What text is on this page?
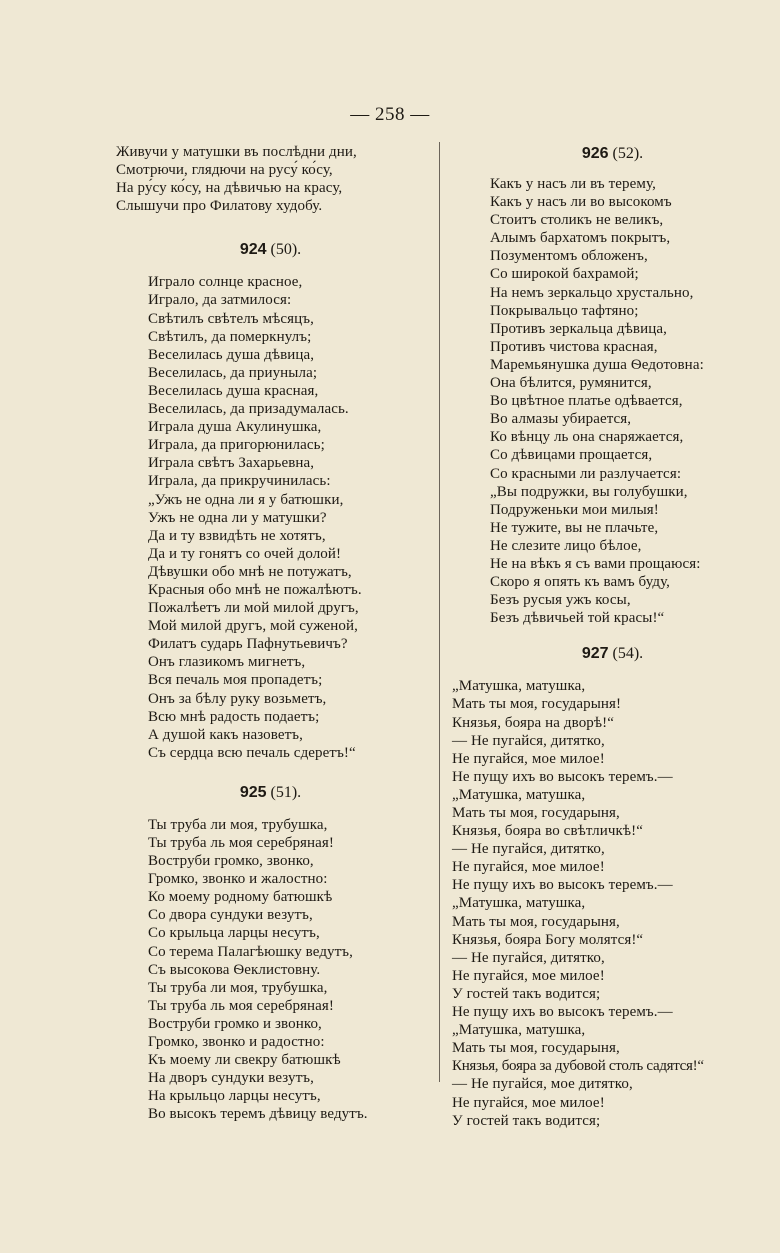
— 258 —
Живучи у матушки въ послѣдни дни,
Смотрючи, глядючи на русу́ ко́су,
На ру́су ко́су, на дѣвичью на красу,
Слышучи про Филатову худобу.
924 (50).
Играло солнце красное,
Играло, да затмилося:
Свѣтилъ свѣтелъ мѣсяцъ,
Свѣтилъ, да померкнулъ;
Веселилась душа дѣвица,
Веселилась, да приуныла;
Веселилась душа красная,
Веселилась, да призадумалась.
Играла душа Акулинушка,
Играла, да пригорюнилась;
Играла свѣтъ Захарьевна,
Играла, да прикручинилась:
„Ужъ не одна ли я у батюшки,
Ужъ не одна ли у матушки?
Да и ту взвидѣть не хотятъ,
Да и ту гонятъ со очей долой!
Дѣвушки обо мнѣ не потужатъ,
Красныя обо мнѣ не пожалѣютъ.
Пожалѣетъ ли мой милой другъ,
Мой милой другъ, мой суженой,
Филатъ сударь Пафнутьевичъ?
Онъ глазикомъ мигнетъ,
Вся печаль моя пропадетъ;
Онъ за бѣлу руку возьметъ,
Всю мнѣ радость подаетъ;
А душой какъ назоветъ,
Съ сердца всю печаль сдеретъ!“
925 (51).
Ты труба ли моя, трубушка,
Ты труба ль моя серебряная!
Воструби громко, звонко,
Громко, звонко и жалостно:
Ко моему родному батюшкѣ
Со двора сундуки везутъ,
Со крыльца ларцы несутъ,
Со терема Палагѣюшку ведутъ,
Съ высокова Ѳеклистовну.
Ты труба ли моя, трубушка,
Ты труба ль моя серебряная!
Воструби громко и звонко,
Громко, звонко и радостно:
Къ моему ли свекру батюшкѣ
На дворъ сундуки везутъ,
На крыльцо ларцы несутъ,
Во высокъ теремъ дѣвицу ведутъ.
926 (52).
Какъ у насъ ли въ терему,
Какъ у насъ ли во высокомъ
Стоитъ столикъ не великъ,
Алымъ бархатомъ покрытъ,
Позументомъ обложенъ,
Со широкой бахрамой;
На немъ зеркальцо хрустально,
Покрывальцо тафтяно;
Противъ зеркальца дѣвица,
Противъ чистова красная,
Маремьянушка душа Ѳедотовна:
Она бѣлится, румянится,
Во цвѣтное платье одѣвается,
Во алмазы убирается,
Ко вѣнцу ль она снаряжается,
Со дѣвицами прощается,
Со красными ли разлучается:
„Вы подружки, вы голубушки,
Подруженьки мои милыя!
Не тужите, вы не плачьте,
Не слезите лицо бѣлое,
Не на вѣкъ я съ вами прощаюся:
Скоро я опять къ вамъ буду,
Безъ русыя ужъ косы,
Безъ дѣвичьей той красы!“
927 (54).
„Матушка, матушка,
Мать ты моя, государыня!
Князья, бояра на дворѣ!“
— Не пугайся, дитятко,
Не пугайся, мое милое!
Не пущу ихъ во высокъ теремъ.—
„Матушка, матушка,
Мать ты моя, государыня,
Князья, бояра во свѣтличкѣ!“
— Не пугайся, дитятко,
Не пугайся, мое милое!
Не пущу ихъ во высокъ теремъ.—
„Матушка, матушка,
Мать ты моя, государыня,
Князья, бояра Богу молятся!“
— Не пугайся, дитятко,
Не пугайся, мое милое!
У гостей такъ водится;
Не пущу ихъ во высокъ теремъ.—
„Матушка, матушка,
Мать ты моя, государыня,
Князья, бояра за дубовой столъ садятся!“
— Не пугайся, мое дитятко,
Не пугайся, мое милое!
У гостей такъ водится;
